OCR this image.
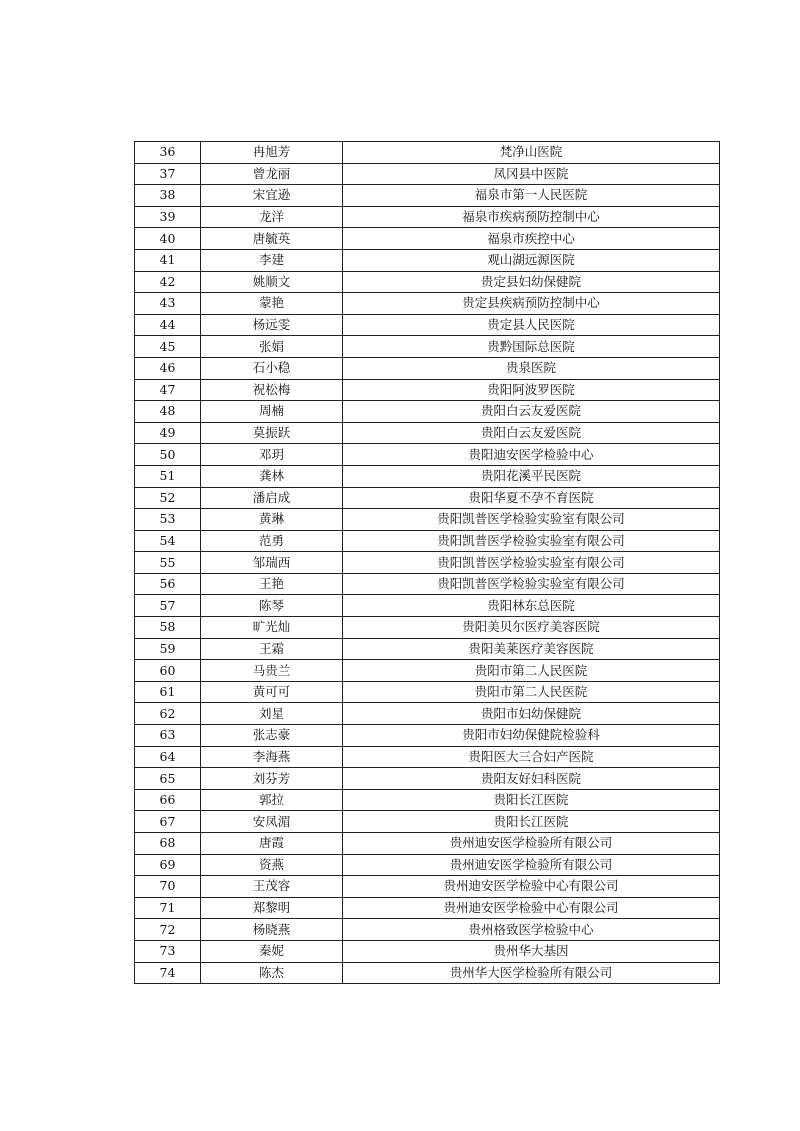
36	冉旭芳	梵净山医院
37	曾龙丽	凤冈县中医院
38	宋宜逊	福泉市第一人民医院
39	龙洋	福泉市疾病预防控制中心
40	唐毓英	福泉市疾控中心
41	李建	观山湖远源医院
42	姚顺文	贵定县妇幼保健院
43	蒙艳	贵定县疾病预防控制中心
44	杨远雯	贵定县人民医院
45	张娟	贵黔国际总医院
46	石小稳	贵泉医院
47	祝松梅	贵阳阿波罗医院
48	周楠	贵阳白云友爱医院
49	莫振跃	贵阳白云友爱医院
50	邓玥	贵阳迪安医学检验中心
51	龚林	贵阳花溪平民医院
52	潘启成	贵阳华夏不孕不育医院
53	黄琳	贵阳凯普医学检验实验室有限公司
54	范勇	贵阳凯普医学检验实验室有限公司
55	邹瑞西	贵阳凯普医学检验实验室有限公司
56	王艳	贵阳凯普医学检验实验室有限公司
57	陈琴	贵阳林东总医院
58	旷光灿	贵阳美贝尔医疗美容医院
59	王霜	贵阳美莱医疗美容医院
60	马贵兰	贵阳市第二人民医院
61	黄可可	贵阳市第二人民医院
62	刘星	贵阳市妇幼保健院
63	张志豪	贵阳市妇幼保健院检验科
64	李海燕	贵阳医大三合妇产医院
65	刘芬芳	贵阳友好妇科医院
66	郭拉	贵阳长江医院
67	安凤湄	贵阳长江医院
68	唐霞	贵州迪安医学检验所有限公司
69	资燕	贵州迪安医学检验所有限公司
70	王茂容	贵州迪安医学检验中心有限公司
71	郑黎明	贵州迪安医学检验中心有限公司
72	杨晓燕	贵州格致医学检验中心
73	秦妮	贵州华大基因
74	陈杰	贵州华大医学检验所有限公司
